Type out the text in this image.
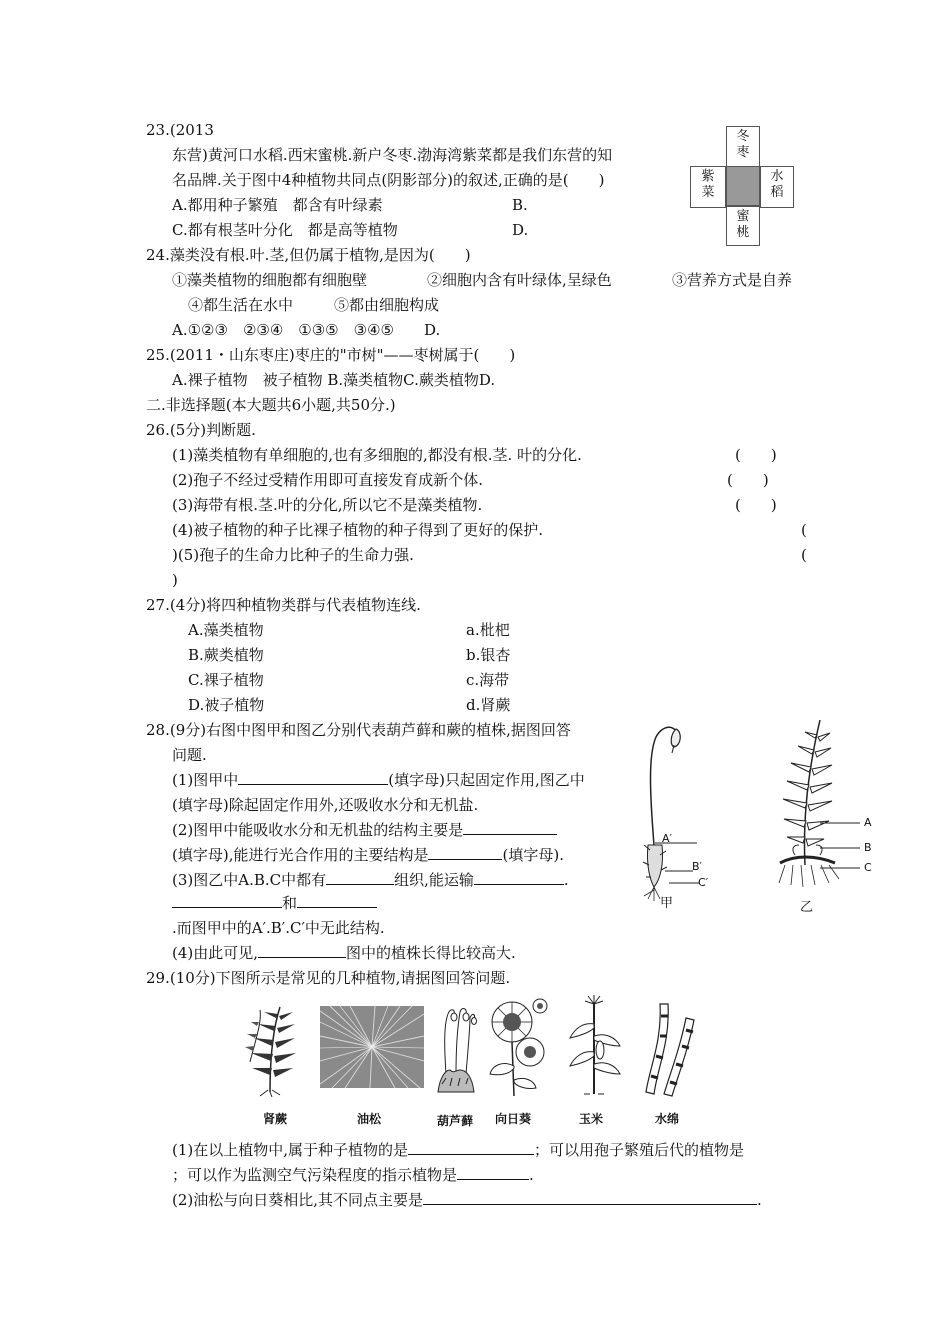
23.(2013
东营)黄河口水稻.西宋蜜桃.新户冬枣.渤海湾紫菜都是我们东营的知
名品牌.关于图中4种植物共同点(阴影部分)的叙述,正确的是(　　)
A.都用种子繁殖　都含有叶绿素	B.
C.都有根茎叶分化　都是高等植物	D.
冬
枣
紫
菜
水
稻
蜜
桃
24.藻类没有根.叶.茎,但仍属于植物,是因为(　　)
①藻类植物的细胞都有细胞壁	②细胞内含有叶绿体,呈绿色	③营养方式是自养
④都生活在水中	⑤都由细胞构成
A.①②③　②③④　①③⑤　③④⑤　　D.
25.(2011・山东枣庄)枣庄的"市树"——枣树属于(　　)
A.裸子植物　被子植物 B.藻类植物C.蕨类植物D.
二.非选择题(本大题共6小题,共50分.)
26.(5分)判断题.
(1)藻类植物有单细胞的,也有多细胞的,都没有根.茎. 叶的分化.	(　　)
(2)孢子不经过受精作用即可直接发育成新个体.	(　　)
(3)海带有根.茎.叶的分化,所以它不是藻类植物.	(　　)
(4)被子植物的种子比裸子植物的种子得到了更好的保护.	(
)(5)孢子的生命力比种子的生命力强.	(
)
27.(4分)将四种植物类群与代表植物连线.
A.藻类植物	a.枇杷
B.蕨类植物	b.银杏
C.裸子植物	c.海带
D.被子植物	d.肾蕨
28.(9分)右图中图甲和图乙分别代表葫芦藓和蕨的植株,据图回答
问题.
(1)图甲中	(填字母)只起固定作用,图乙中
(填字母)除起固定作用外,还吸收水分和无机盐.
(2)图甲中能吸收水分和无机盐的结构主要是
(填字母),能进行光合作用的主要结构是	(填字母).
(3)图乙中A.B.C中都有	组织,能运输	.
和
.而图甲中的A′.B′.C′中无此结构.
(4)由此可见,	图中的植株长得比较高大.
A′
B′
C′
甲
A
B
C
乙
29.(10分)下图所示是常见的几种植物,请据图回答问题.
肾蕨	油松	葫芦藓	向日葵	玉米	水绵
(1)在以上植物中,属于种子植物的是	；可以用孢子繁殖后代的植物是
；可以作为监测空气污染程度的指示植物是	.
(2)油松与向日葵相比,其不同点主要是	.
